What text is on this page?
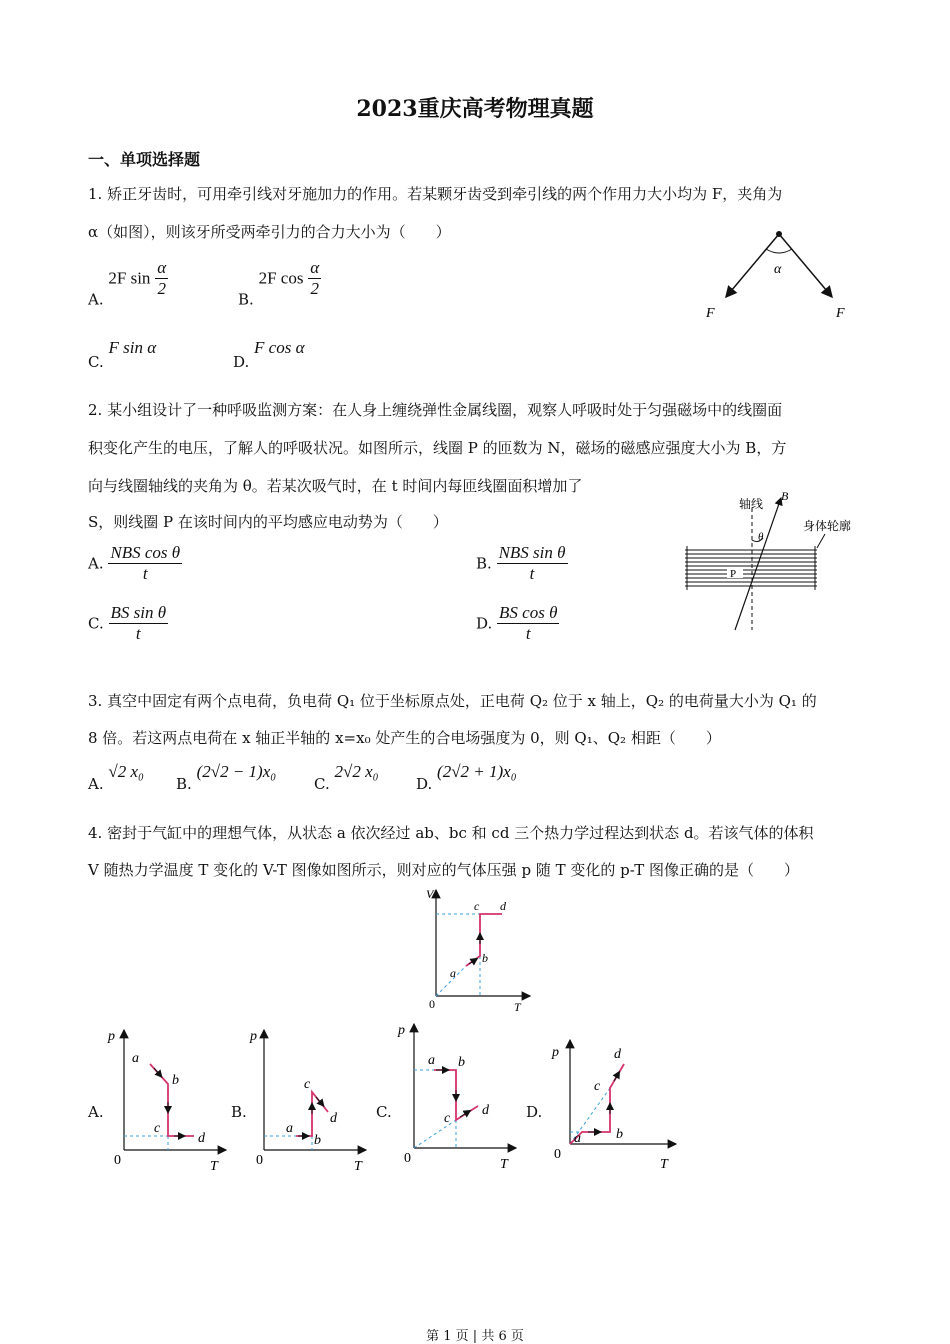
2023重庆高考物理真题
一、单项选择题
1. 矫正牙齿时，可用牵引线对牙施加力的作用。若某颗牙齿受到牵引线的两个作用力大小均为 F，夹角为
α（如图），则该牙所受两牵引力的合力大小为（　　）
A. 2F $\sin \frac{\alpha}{2}$
B. 2F $\cos \frac{\alpha}{2}$
C. F sin α
D. F cos α
α
F	F
2. 某小组设计了一种呼吸监测方案：在人身上缠绕弹性金属线圈，观察人呼吸时处于匀强磁场中的线圈面
积变化产生的电压，了解人的呼吸状况。如图所示，线圈 P 的匝数为 N，磁场的磁感应强度大小为 B，方
向与线圈轴线的夹角为 θ。若某次吸气时，在 t 时间内每匝线圈面积增加了
S，则线圈 P 在该时间内的平均感应电动势为（　　）
A. $\frac{\text{NBS cos θ}}{t}$	B. $\frac{\text{NBS sin θ}}{t}$
C. $\frac{\text{BS sin θ}}{t}$	D. $\frac{\text{BS cos θ}}{t}$
轴线
B
θ
身体轮廓
P
3. 真空中固定有两个点电荷，负电荷 Q₁ 位于坐标原点处，正电荷 Q₂ 位于 x 轴上，Q₂ 的电荷量大小为 Q₁ 的
8 倍。若这两点电荷在 x 轴正半轴的 x=x₀ 处产生的合电场强度为 0，则 Q₁、Q₂ 相距（　　）
A. √2 x₀
B. (2√2 − 1)x₀
C. 2√2 x₀
D. (2√2 + 1)x₀
4. 密封于气缸中的理想气体，从状态 a 依次经过 ab、bc 和 cd 三个热力学过程达到状态 d。若该气体的体积
V 随热力学温度 T 变化的 V-T 图像如图所示，则对应的气体压强 p 随 T 变化的 p-T 图像正确的是（　　）
V
T
0
a
b
c d
A.
p
T
0
a
b
c
d
B.
p
T
0
a
b
c
d	C.
p
T
0
a b
c
d D.
p
T
0
a	b
c
d
第 1 页 | 共 6 页
